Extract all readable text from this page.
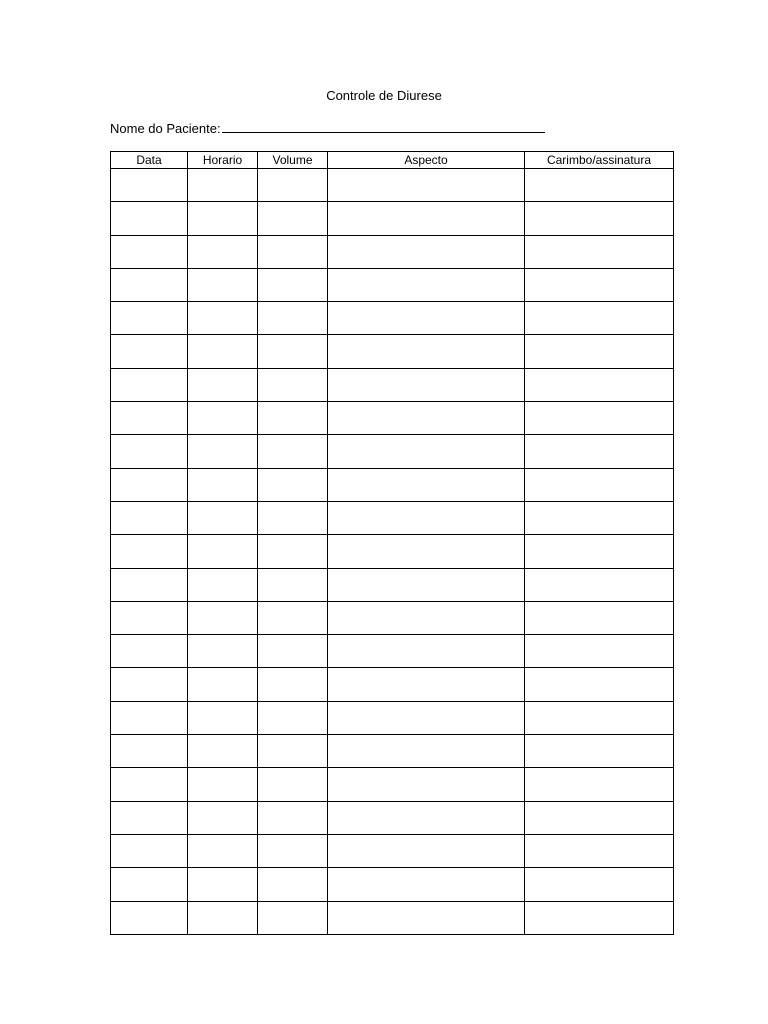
Controle de Diurese
Nome do Paciente:
Data	Horario	Volume	Aspecto	Carimbo/assinatura
